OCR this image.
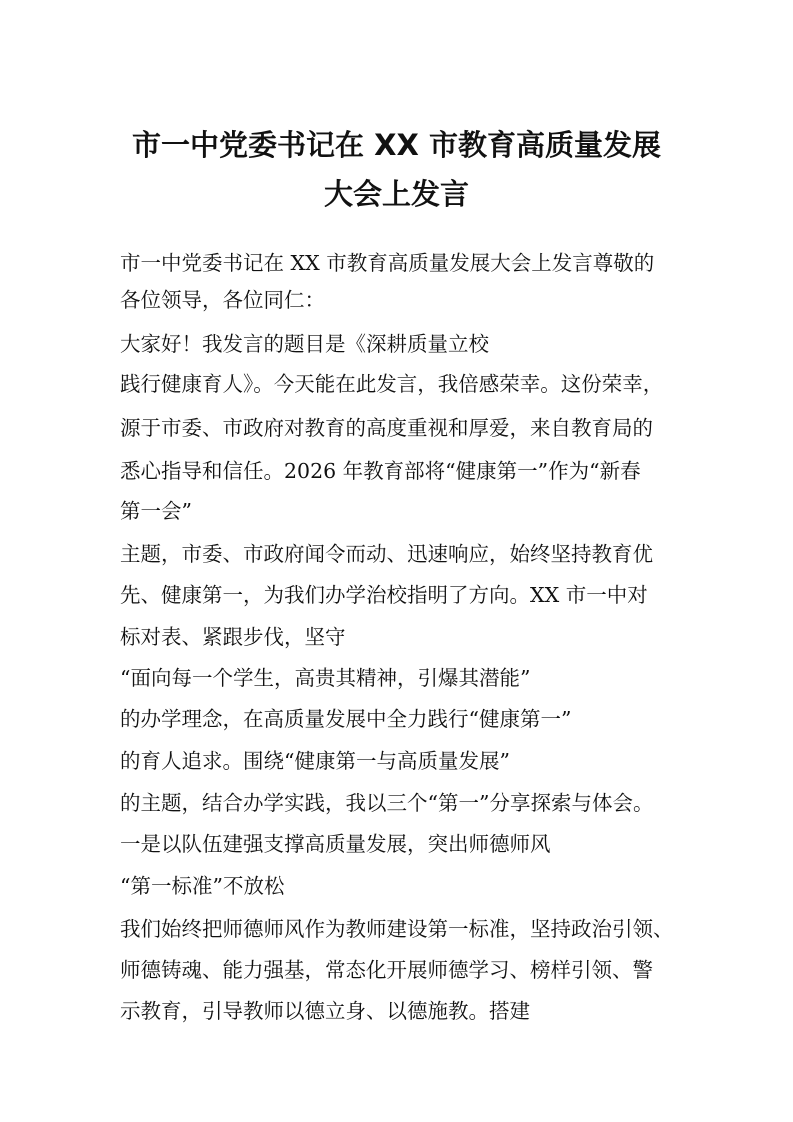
市一中党委书记在 XX 市教育高质量发展
大会上发言
市一中党委书记在 XX 市教育高质量发展大会上发言尊敬的
各位领导，各位同仁：
大家好！我发言的题目是《深耕质量立校
践行健康育人》。今天能在此发言，我倍感荣幸。这份荣幸，
源于市委、市政府对教育的高度重视和厚爱，来自教育局的
悉心指导和信任。2026 年教育部将“健康第一”作为“新春
第一会”
主题，市委、市政府闻令而动、迅速响应，始终坚持教育优
先、健康第一，为我们办学治校指明了方向。XX 市一中对
标对表、紧跟步伐，坚守
“面向每一个学生，高贵其精神，引爆其潜能”
的办学理念，在高质量发展中全力践行“健康第一”
的育人追求。围绕“健康第一与高质量发展”
的主题，结合办学实践，我以三个“第一”分享探索与体会。
一是以队伍建强支撑高质量发展，突出师德师风
“第一标准”不放松
我们始终把师德师风作为教师建设第一标准，坚持政治引领、
师德铸魂、能力强基，常态化开展师德学习、榜样引领、警
示教育，引导教师以德立身、以德施教。搭建
